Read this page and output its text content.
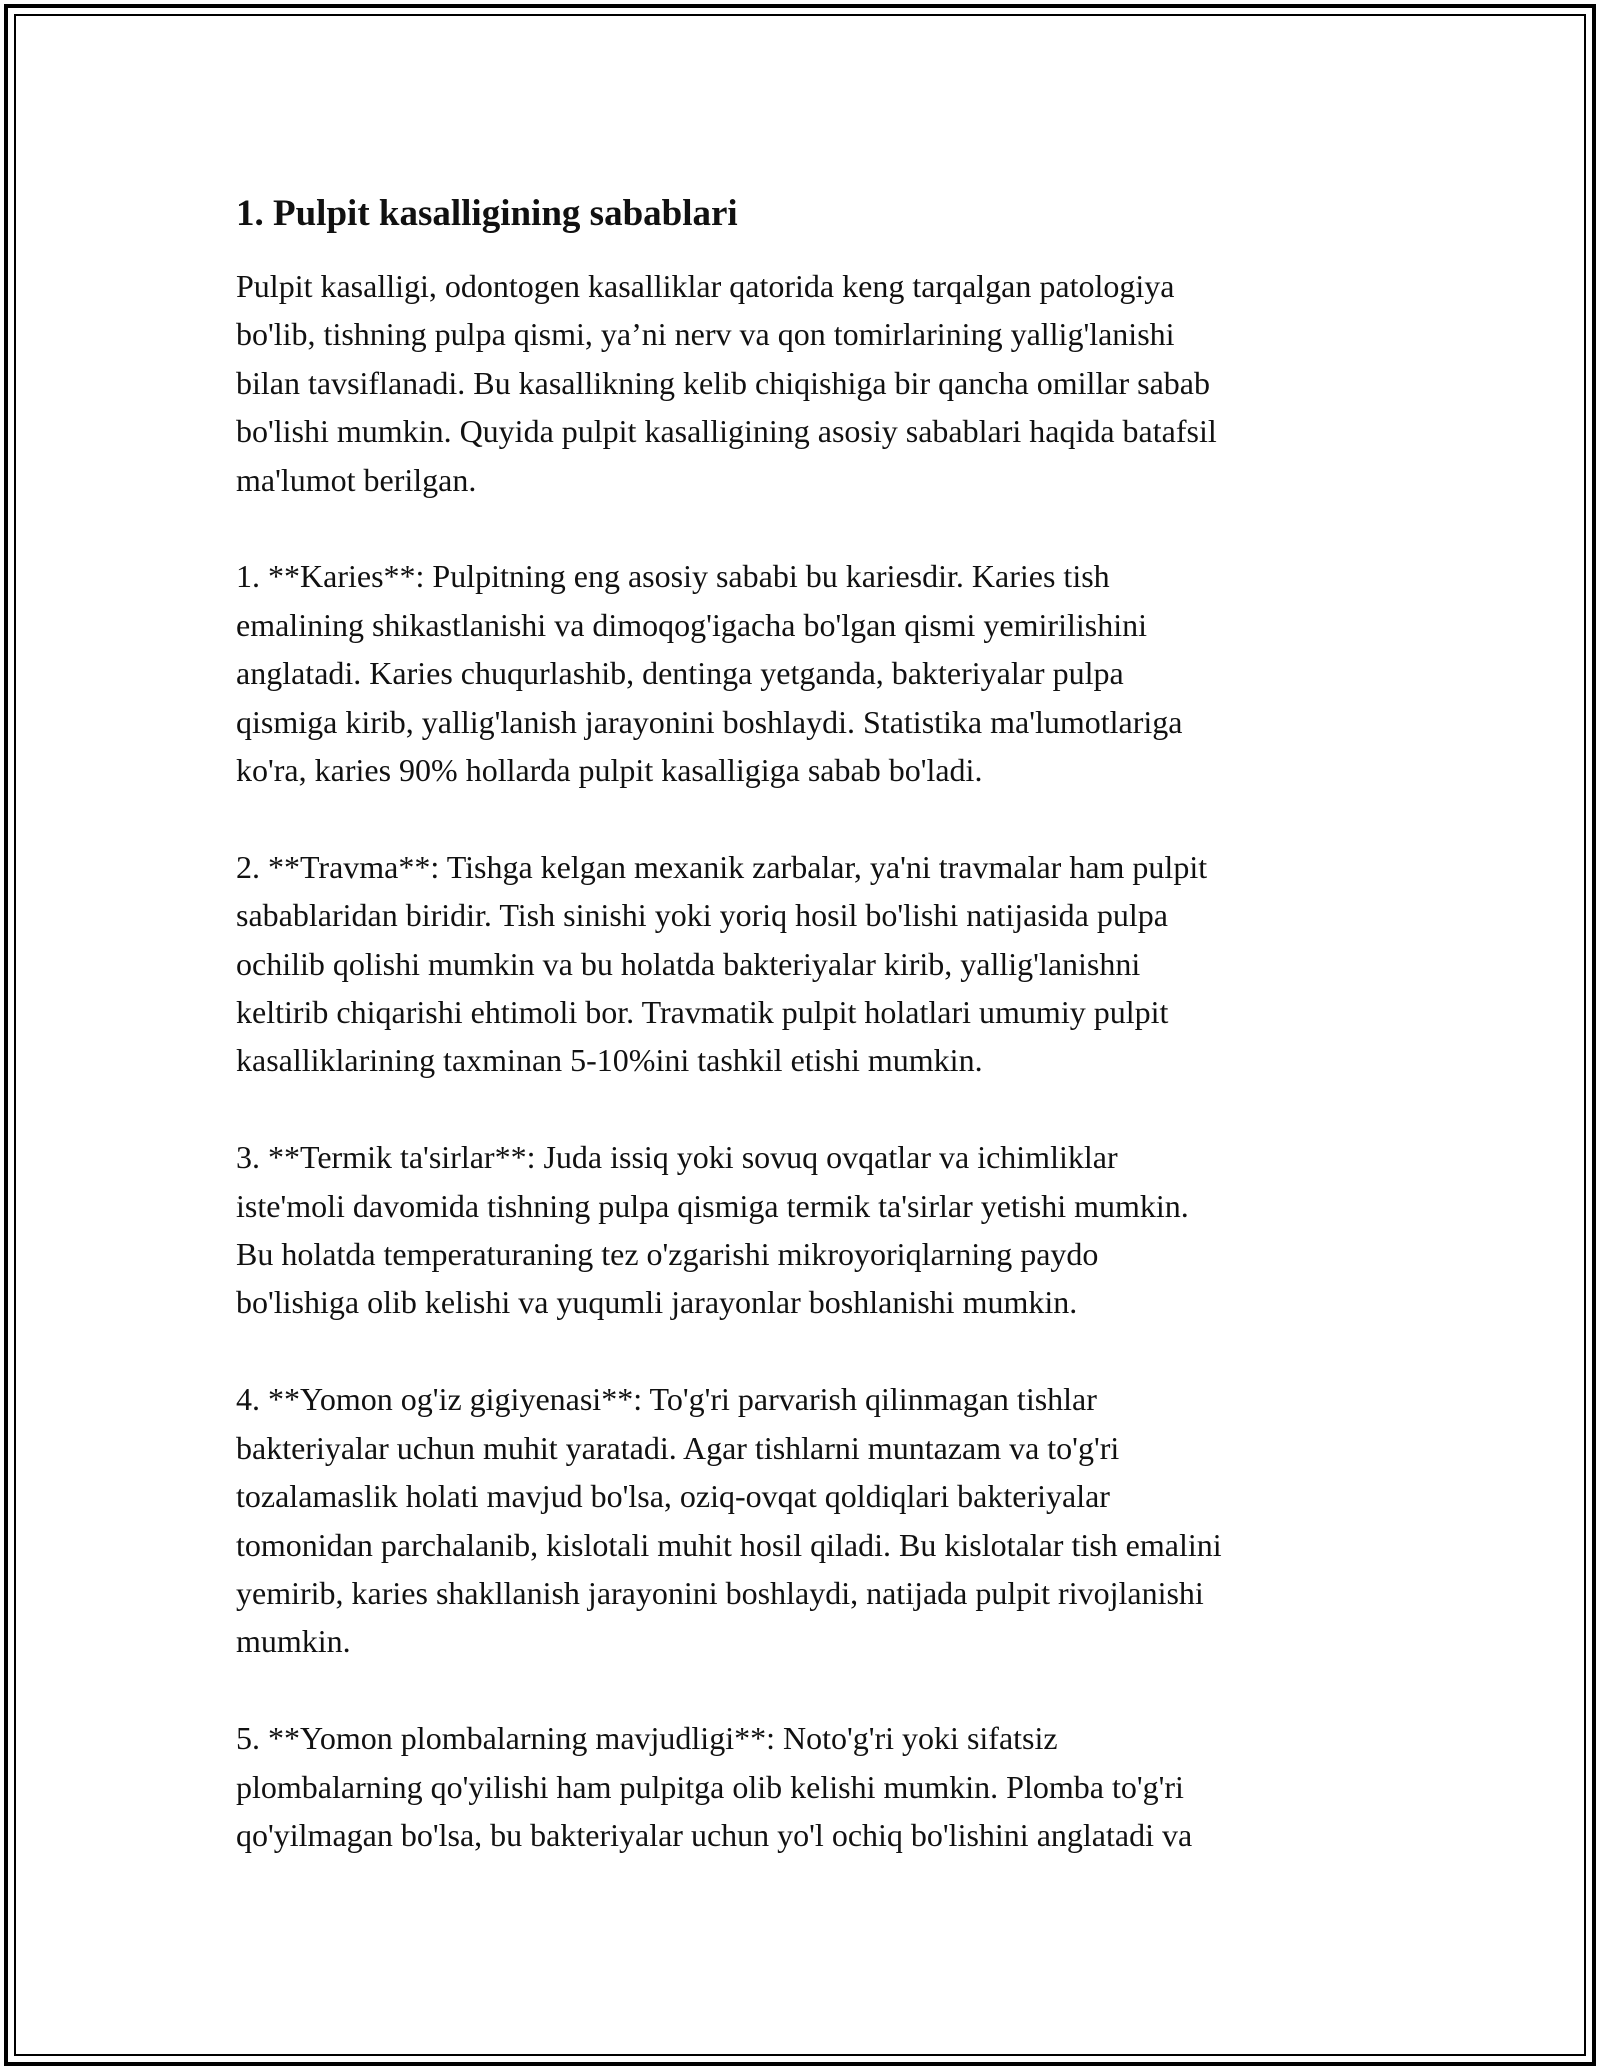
1. Pulpit kasalligining sabablari
Pulpit kasalligi, odontogen kasalliklar qatorida keng tarqalgan patologiya
bo'lib, tishning pulpa qismi, ya’ni nerv va qon tomirlarining yallig'lanishi
bilan tavsiflanadi. Bu kasallikning kelib chiqishiga bir qancha omillar sabab
bo'lishi mumkin. Quyida pulpit kasalligining asosiy sabablari haqida batafsil
ma'lumot berilgan.
1. **Karies**: Pulpitning eng asosiy sababi bu kariesdir. Karies tish
emalining shikastlanishi va dimoqog'igacha bo'lgan qismi yemirilishini
anglatadi. Karies chuqurlashib, dentinga yetganda, bakteriyalar pulpa
qismiga kirib, yallig'lanish jarayonini boshlaydi. Statistika ma'lumotlariga
ko'ra, karies 90% hollarda pulpit kasalligiga sabab bo'ladi.
2. **Travma**: Tishga kelgan mexanik zarbalar, ya'ni travmalar ham pulpit
sabablaridan biridir. Tish sinishi yoki yoriq hosil bo'lishi natijasida pulpa
ochilib qolishi mumkin va bu holatda bakteriyalar kirib, yallig'lanishni
keltirib chiqarishi ehtimoli bor. Travmatik pulpit holatlari umumiy pulpit
kasalliklarining taxminan 5-10%ini tashkil etishi mumkin.
3. **Termik ta'sirlar**: Juda issiq yoki sovuq ovqatlar va ichimliklar
iste'moli davomida tishning pulpa qismiga termik ta'sirlar yetishi mumkin.
Bu holatda temperaturaning tez o'zgarishi mikroyoriqlarning paydo
bo'lishiga olib kelishi va yuqumli jarayonlar boshlanishi mumkin.
4. **Yomon og'iz gigiyenasi**: To'g'ri parvarish qilinmagan tishlar
bakteriyalar uchun muhit yaratadi. Agar tishlarni muntazam va to'g'ri
tozalamaslik holati mavjud bo'lsa, oziq-ovqat qoldiqlari bakteriyalar
tomonidan parchalanib, kislotali muhit hosil qiladi. Bu kislotalar tish emalini
yemirib, karies shakllanish jarayonini boshlaydi, natijada pulpit rivojlanishi
mumkin.
5. **Yomon plombalarning mavjudligi**: Noto'g'ri yoki sifatsiz
plombalarning qo'yilishi ham pulpitga olib kelishi mumkin. Plomba to'g'ri
qo'yilmagan bo'lsa, bu bakteriyalar uchun yo'l ochiq bo'lishini anglatadi va
